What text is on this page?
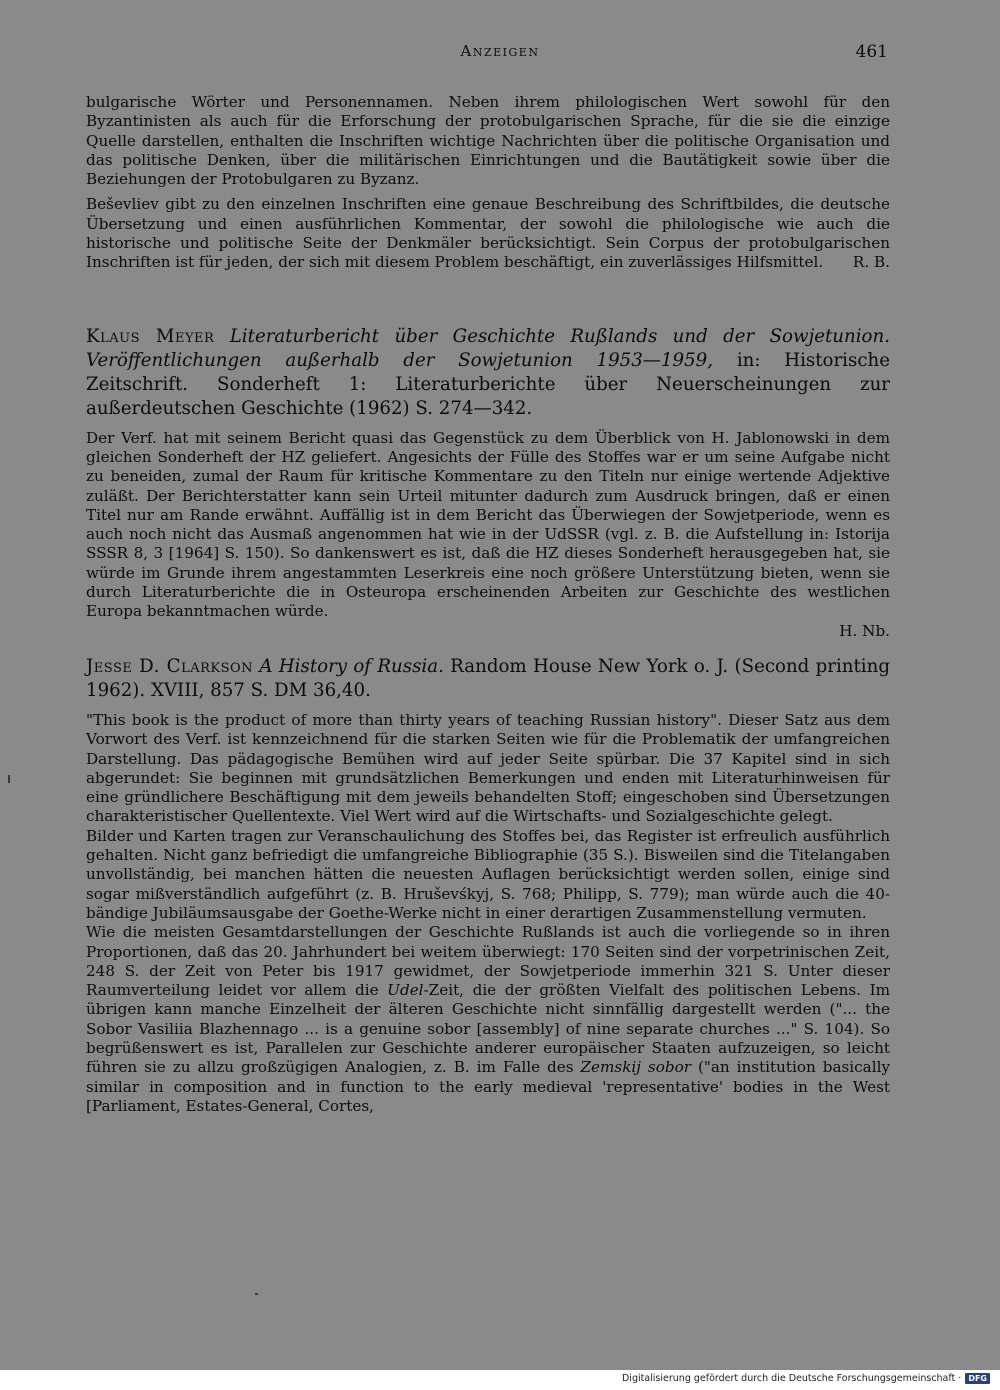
Anzeigen	461

bulgarische Wörter und Personennamen. Neben ihrem philologischen Wert sowohl für den Byzantinisten als auch für die Erforschung der protobulgarischen Sprache, für die sie die einzige Quelle darstellen, enthalten die Inschriften wichtige Nachrichten über die politische Organisation und das politische Denken, über die militärischen Einrichtungen und die Bautätigkeit sowie über die Beziehungen der Protobulgaren zu Byzanz.

Beševliev gibt zu den einzelnen Inschriften eine genaue Beschreibung des Schriftbildes, die deutsche Übersetzung und einen ausführlichen Kommentar, der sowohl die philologische wie auch die historische und politische Seite der Denkmäler berücksichtigt. Sein Corpus der protobulgarischen Inschriften ist für jeden, der sich mit diesem Problem beschäftigt, ein zuverlässiges Hilfsmittel. R. B.

Klaus Meyer Literaturbericht über Geschichte Rußlands und der Sowjetunion. Veröffentlichungen außerhalb der Sowjetunion 1953—1959, in: Historische Zeitschrift. Sonderheft 1: Literaturberichte über Neuerscheinungen zur außerdeutschen Geschichte (1962) S. 274—342.

Der Verf. hat mit seinem Bericht quasi das Gegenstück zu dem Überblick von H. Jablonowski in dem gleichen Sonderheft der HZ geliefert. Angesichts der Fülle des Stoffes war er um seine Aufgabe nicht zu beneiden, zumal der Raum für kritische Kommentare zu den Titeln nur einige wertende Adjektive zuläßt. Der Berichterstatter kann sein Urteil mitunter dadurch zum Ausdruck bringen, daß er einen Titel nur am Rande erwähnt. Auffällig ist in dem Bericht das Überwiegen der Sowjetperiode, wenn es auch noch nicht das Ausmaß angenommen hat wie in der UdSSR (vgl. z. B. die Aufstellung in: Istorija SSSR 8, 3 [1964] S. 150). So dankenswert es ist, daß die HZ dieses Sonderheft herausgegeben hat, sie würde im Grunde ihrem angestammten Leserkreis eine noch größere Unterstützung bieten, wenn sie durch Literaturberichte die in Osteuropa erscheinenden Arbeiten zur Geschichte des westlichen Europa bekanntmachen würde.

H. Nb.

Jesse D. Clarkson A History of Russia. Random House New York o. J. (Second printing 1962). XVIII, 857 S. DM 36,40.

"This book is the product of more than thirty years of teaching Russian history". Dieser Satz aus dem Vorwort des Verf. ist kennzeichnend für die starken Seiten wie für die Problematik der umfangreichen Darstellung. Das pädagogische Bemühen wird auf jeder Seite spürbar. Die 37 Kapitel sind in sich abgerundet: Sie beginnen mit grundsätzlichen Bemerkungen und enden mit Literaturhinweisen für eine gründlichere Beschäftigung mit dem jeweils behandelten Stoff; eingeschoben sind Übersetzungen charakteristischer Quellentexte. Viel Wert wird auf die Wirtschafts- und Sozialgeschichte gelegt.

Bilder und Karten tragen zur Veranschaulichung des Stoffes bei, das Register ist erfreulich ausführlich gehalten. Nicht ganz befriedigt die umfangreiche Bibliographie (35 S.). Bisweilen sind die Titelangaben unvollständig, bei manchen hätten die neuesten Auflagen berücksichtigt werden sollen, einige sind sogar mißverständlich aufgeführt (z. B. Hruševśkyj, S. 768; Philipp, S. 779); man würde auch die 40-bändige Jubiläumsausgabe der Goethe-Werke nicht in einer derartigen Zusammenstellung vermuten.

Wie die meisten Gesamtdarstellungen der Geschichte Rußlands ist auch die vorliegende so in ihren Proportionen, daß das 20. Jahrhundert bei weitem überwiegt: 170 Seiten sind der vorpetrinischen Zeit, 248 S. der Zeit von Peter bis 1917 gewidmet, der Sowjetperiode immerhin 321 S. Unter dieser Raumverteilung leidet vor allem die Udel-Zeit, die der größten Vielfalt des politischen Lebens. Im übrigen kann manche Einzelheit der älteren Geschichte nicht sinnfällig dargestellt werden ("... the Sobor Vasiliia Blazhennago ... is a genuine sobor [assembly] of nine separate churches ..." S. 104). So begrüßenswert es ist, Parallelen zur Geschichte anderer europäischer Staaten aufzuzeigen, so leicht führen sie zu allzu großzügigen Analogien, z. B. im Falle des Zemskij sobor ("an institution basically similar in composition and in function to the early medieval 'representative' bodies in the West [Parliament, Estates-General, Cortes,

Digitalisierung gefördert durch die Deutsche Forschungsgemeinschaft · DFG
